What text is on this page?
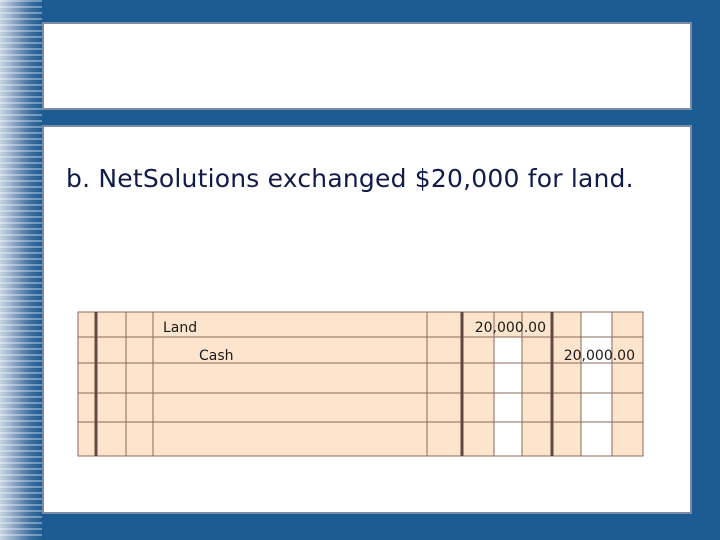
b. NetSolutions exchanged $20,000 for land.
Land	20,000.00
Cash	20,000.00
